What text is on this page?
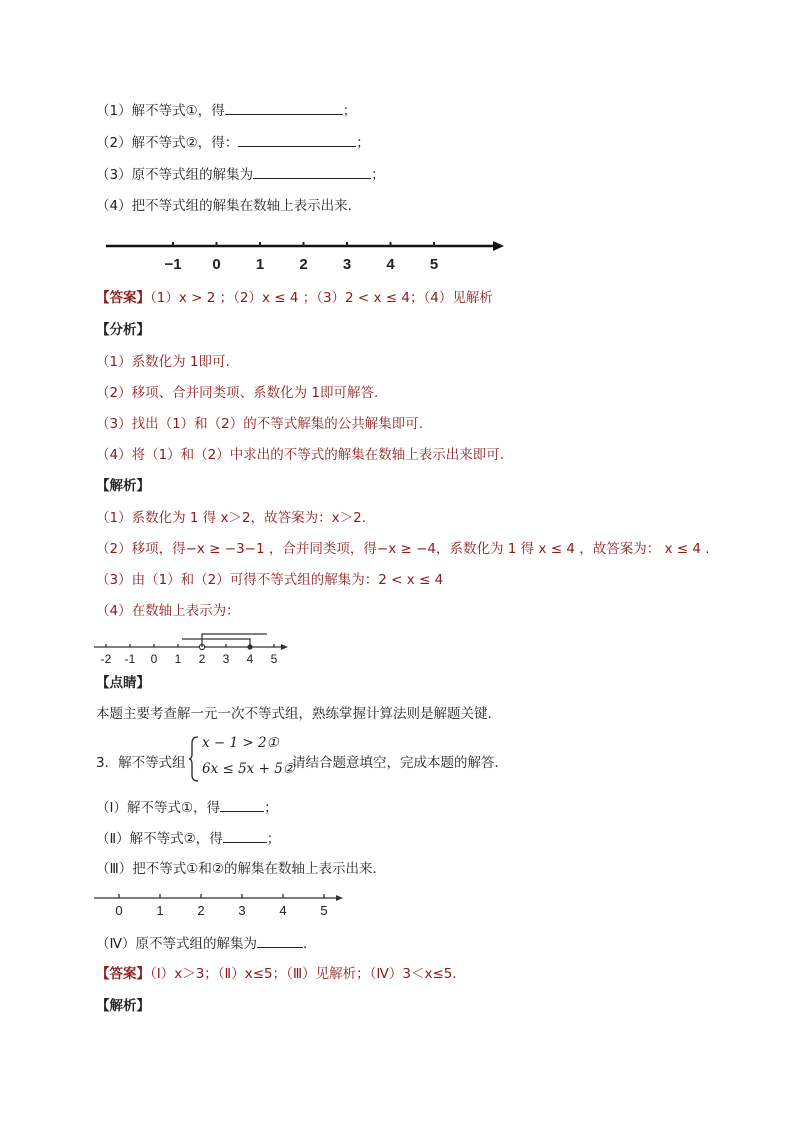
（1）解不等式①，得	；
（2）解不等式②，得：	；
（3）原不等式组的解集为	；
（4）把不等式组的解集在数轴上表示出来.
−1 0 1 2 3 4 5
【答案】（1）x > 2 ；（2）x ≤ 4 ；（3）2 < x ≤ 4；（4）见解析
【分析】
（1）系数化为 1即可.
（2）移项、合并同类项、系数化为 1即可解答.
（3）找出（1）和（2）的不等式解集的公共解集即可.
（4）将（1）和（2）中求出的不等式的解集在数轴上表示出来即可.
【解析】
（1）系数化为 1 得 x＞2，故答案为：x＞2.
（2）移项，得−x ≥ −3−1 ，合并同类项，得−x ≥ −4，系数化为 1 得 x ≤ 4 ，故答案为： x ≤ 4 .
（3）由（1）和（2）可得不等式组的解集为：2 < x ≤ 4
（4）在数轴上表示为：
-2 -1 0 1 2 3 4 5
【点睛】
本题主要考查解一元一次不等式组，熟练掌握计算法则是解题关键.
3．解不等式组
x − 1 > 2①
6x ≤ 5x + 5②
请结合题意填空，完成本题的解答．
（Ⅰ）解不等式①，得	；
（Ⅱ）解不等式②，得	；
（Ⅲ）把不等式①和②的解集在数轴上表示出来．
0	1	2	3	4	5
（Ⅳ）原不等式组的解集为	．
【答案】（Ⅰ）x＞3；（Ⅱ）x≤5；（Ⅲ）见解析；（Ⅳ）3＜x≤5．
【解析】
